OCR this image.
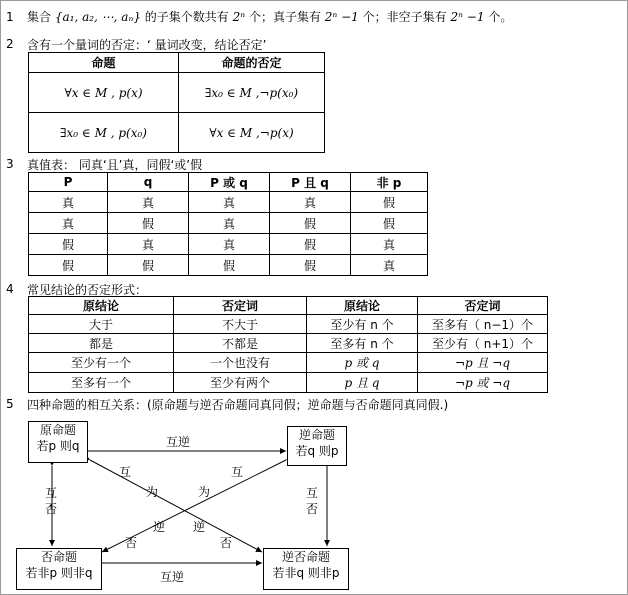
1 集合 {a₁, a₂, ⋯, aₙ} 的子集个数共有 2ⁿ 个；真子集有 2ⁿ −1 个；非空子集有 2ⁿ −1 个。
2 含有一个量词的否定：‘ 量词改变，结论否定’
命题	命题的否定
∀x ∈ M , p(x)	∃x₀ ∈ M ,¬p(x₀)
∃x₀ ∈ M , p(x₀)	∀x ∈ M ,¬p(x)
3 真值表： 同真‘且’真，同假‘或’假
P	q	P 或 q	P 且 q	非 p
真	真	真	真	假
真	假	真	假	假
假	真	真	假	真
假	假	假	假	真
4 常见结论的否定形式：
原结论	否定词	原结论	否定词
大于	不大于	至少有 n 个	至多有（ n−1）个
都是	不都是	至多有 n 个	至少有（ n+1）个
至少有一个	一个也没有	p 或 q	¬p 且 ¬q
至多有一个	至少有两个	p 且 q	¬p 或 ¬q
5 四种命题的相互关系：(原命题与逆否命题同真同假；逆命题与否命题同真同假.)
原命题
若p 则q
逆命题
若q 则p
否命题
若非p 则非q
逆否命题
若非q 则非p
互逆
互逆
互
否
互
否
互	互
为	为
逆 逆
否	否
